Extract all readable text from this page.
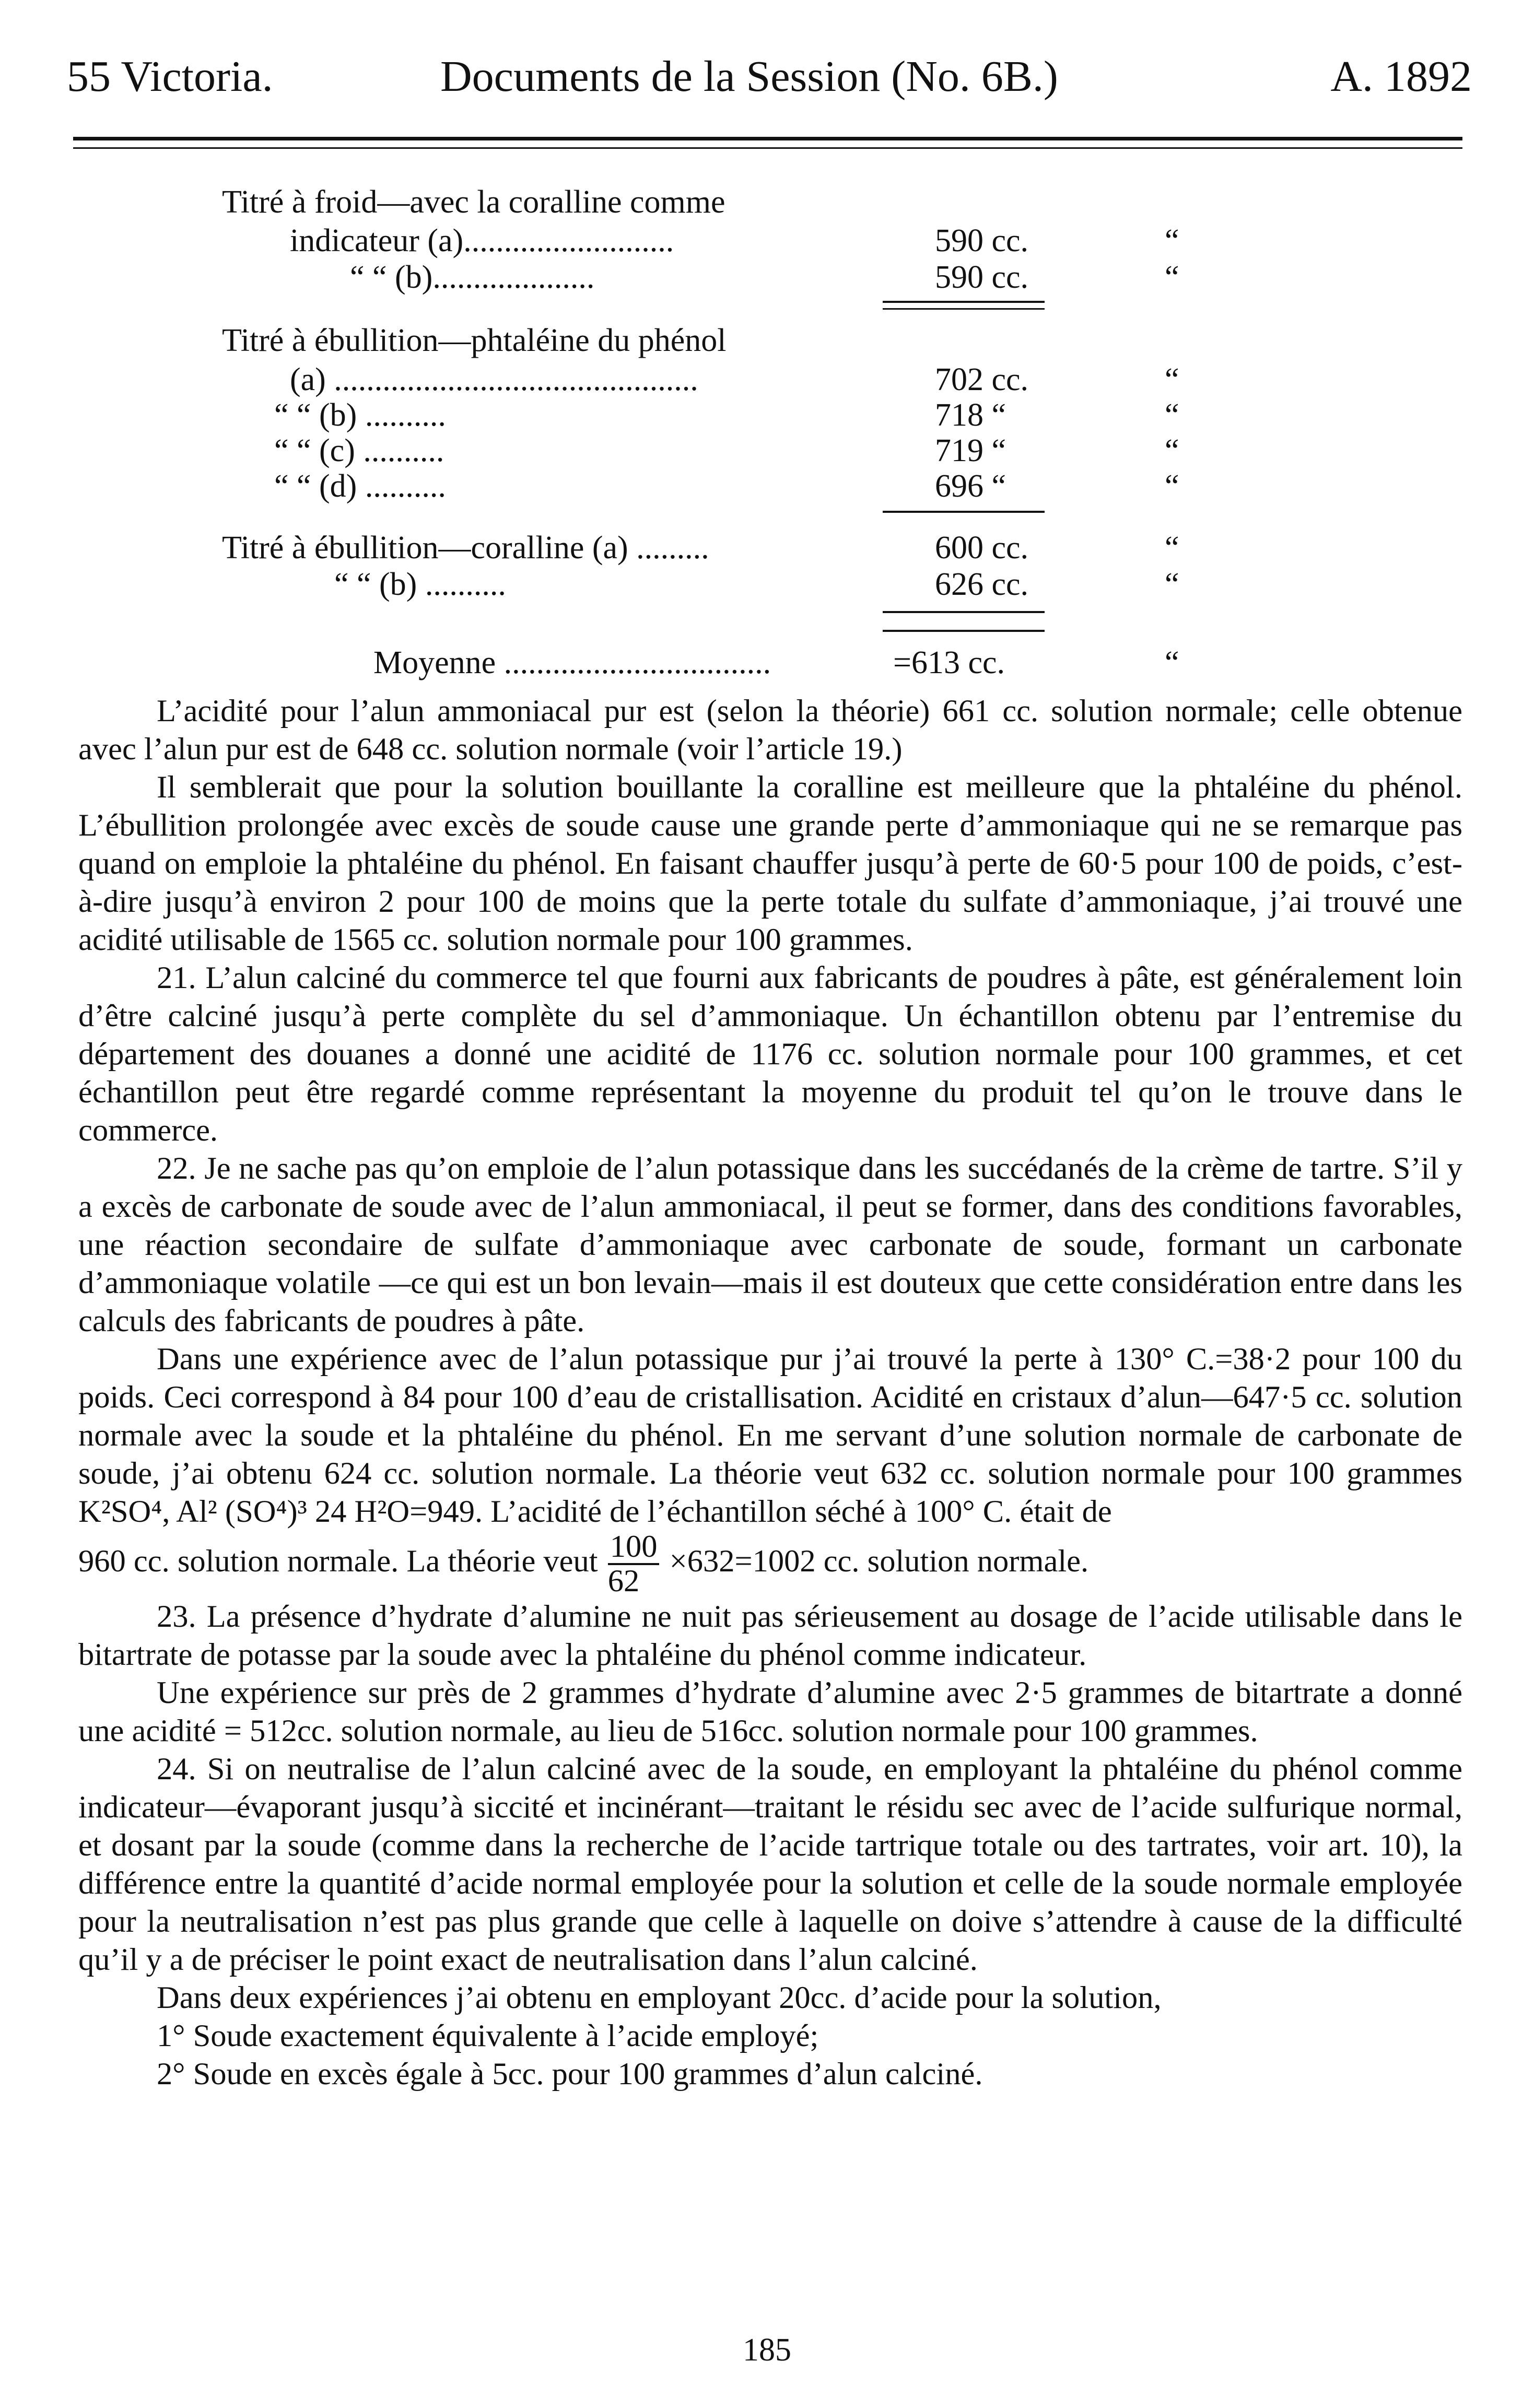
55 Victoria.	Documents de la Session (No. 6B.)	A. 1892
Titré à froid—avec la coralline comme
indicateur (a)..........................	590 cc.	“
“ “ (b)....................	590 cc.	“
Titré à ébullition—phtaléine du phénol
(a) .............................................	702 cc.	“
“ “ (b) ..........	718 “	“
“ “ (c) ..........	719 “	“
“ “ (d) ..........	696 “	“
Titré à ébullition—coralline (a) .........	600 cc.	“
“ “ (b) ..........	626 cc.	“
Moyenne .................................	=613 cc.	“

L’acidité pour l’alun ammoniacal pur est (selon la théorie) 661 cc. solution normale; celle obtenue avec l’alun pur est de 648 cc. solution normale (voir l’article 19.)

Il semblerait que pour la solution bouillante la coralline est meilleure que la phtaléine du phénol. L’ébullition prolongée avec excès de soude cause une grande perte d’ammoniaque qui ne se remarque pas quand on emploie la phtaléine du phénol. En faisant chauffer jusqu’à perte de 60·5 pour 100 de poids, c’est-à-dire jusqu’à environ 2 pour 100 de moins que la perte totale du sulfate d’ammoniaque, j’ai trouvé une acidité utilisable de 1565 cc. solution normale pour 100 grammes.

21. L’alun calciné du commerce tel que fourni aux fabricants de poudres à pâte, est généralement loin d’être calciné jusqu’à perte complète du sel d’ammoniaque. Un échantillon obtenu par l’entremise du département des douanes a donné une acidité de 1176 cc. solution normale pour 100 grammes, et cet échantillon peut être regardé comme représentant la moyenne du produit tel qu’on le trouve dans le commerce.

22. Je ne sache pas qu’on emploie de l’alun potassique dans les succédanés de la crème de tartre. S’il y a excès de carbonate de soude avec de l’alun ammoniacal, il peut se former, dans des conditions favorables, une réaction secondaire de sulfate d’ammoniaque avec carbonate de soude, formant un carbonate d’ammoniaque volatile —ce qui est un bon levain—mais il est douteux que cette considération entre dans les calculs des fabricants de poudres à pâte.

Dans une expérience avec de l’alun potassique pur j’ai trouvé la perte à 130° C.=38·2 pour 100 du poids. Ceci correspond à 84 pour 100 d’eau de cristallisation. Acidité en cristaux d’alun—647·5 cc. solution normale avec la soude et la phtaléine du phénol. En me servant d’une solution normale de carbonate de soude, j’ai obtenu 624 cc. solution normale. La théorie veut 632 cc. solution normale pour 100 grammes K²SO⁴, Al² (SO⁴)³ 24 H²O=949. L’acidité de l’échantillon séché à 100° C. était de

960 cc. solution normale. La théorie veut $\frac{100}{62} \times 632=1002$ cc. solution normale.

23. La présence d’hydrate d’alumine ne nuit pas sérieusement au dosage de l’acide utilisable dans le bitartrate de potasse par la soude avec la phtaléine du phénol comme indicateur.

Une expérience sur près de 2 grammes d’hydrate d’alumine avec 2·5 grammes de bitartrate a donné une acidité = 512cc. solution normale, au lieu de 516cc. solution normale pour 100 grammes.

24. Si on neutralise de l’alun calciné avec de la soude, en employant la phtaléine du phénol comme indicateur—évaporant jusqu’à siccité et incinérant—traitant le résidu sec avec de l’acide sulfurique normal, et dosant par la soude (comme dans la recherche de l’acide tartrique totale ou des tartrates, voir art. 10), la différence entre la quantité d’acide normal employée pour la solution et celle de la soude normale employée pour la neutralisation n’est pas plus grande que celle à laquelle on doive s’attendre à cause de la difficulté qu’il y a de préciser le point exact de neutralisation dans l’alun calciné.

Dans deux expériences j’ai obtenu en employant 20cc. d’acide pour la solution,

1° Soude exactement équivalente à l’acide employé;

2° Soude en excès égale à 5cc. pour 100 grammes d’alun calciné.

185
